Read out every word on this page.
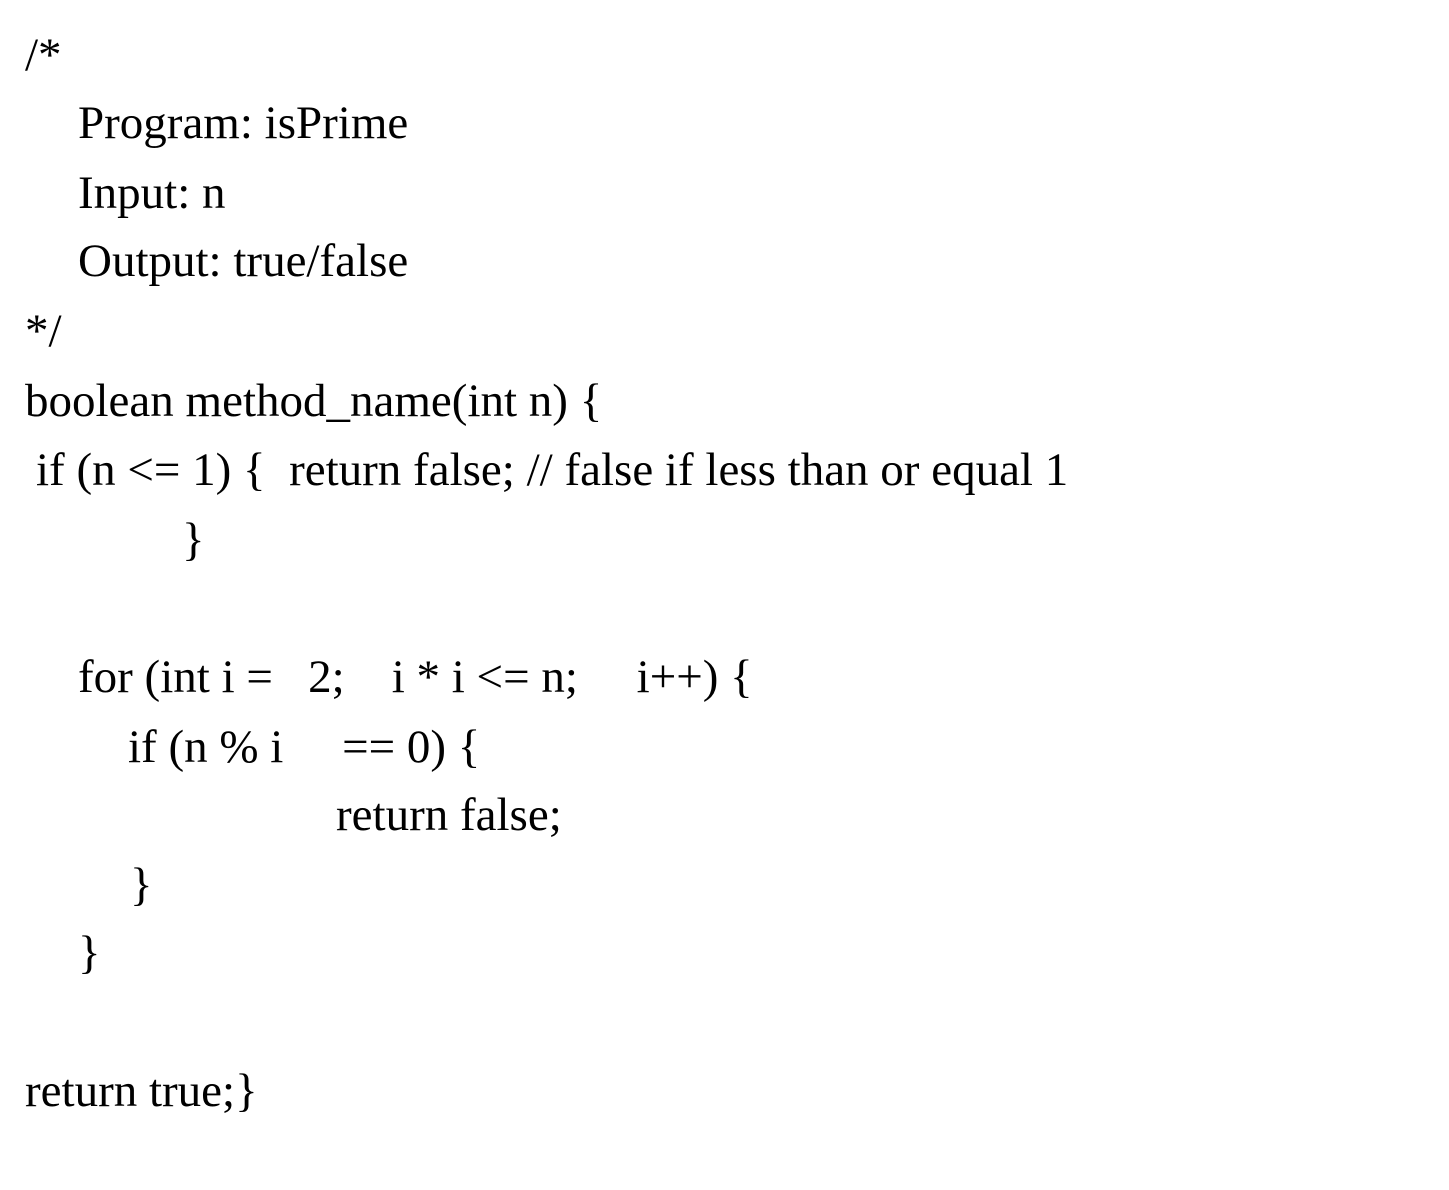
/*
Program: isPrime
Input: n
Output: true/false
*/
boolean method_name(int n) {
if (n <= 1) {  return false; // false if less than or equal 1
}
for (int i =   2;    i * i <= n;     i++) {
if (n % i     == 0) {
return false;
}
}
return true;}
